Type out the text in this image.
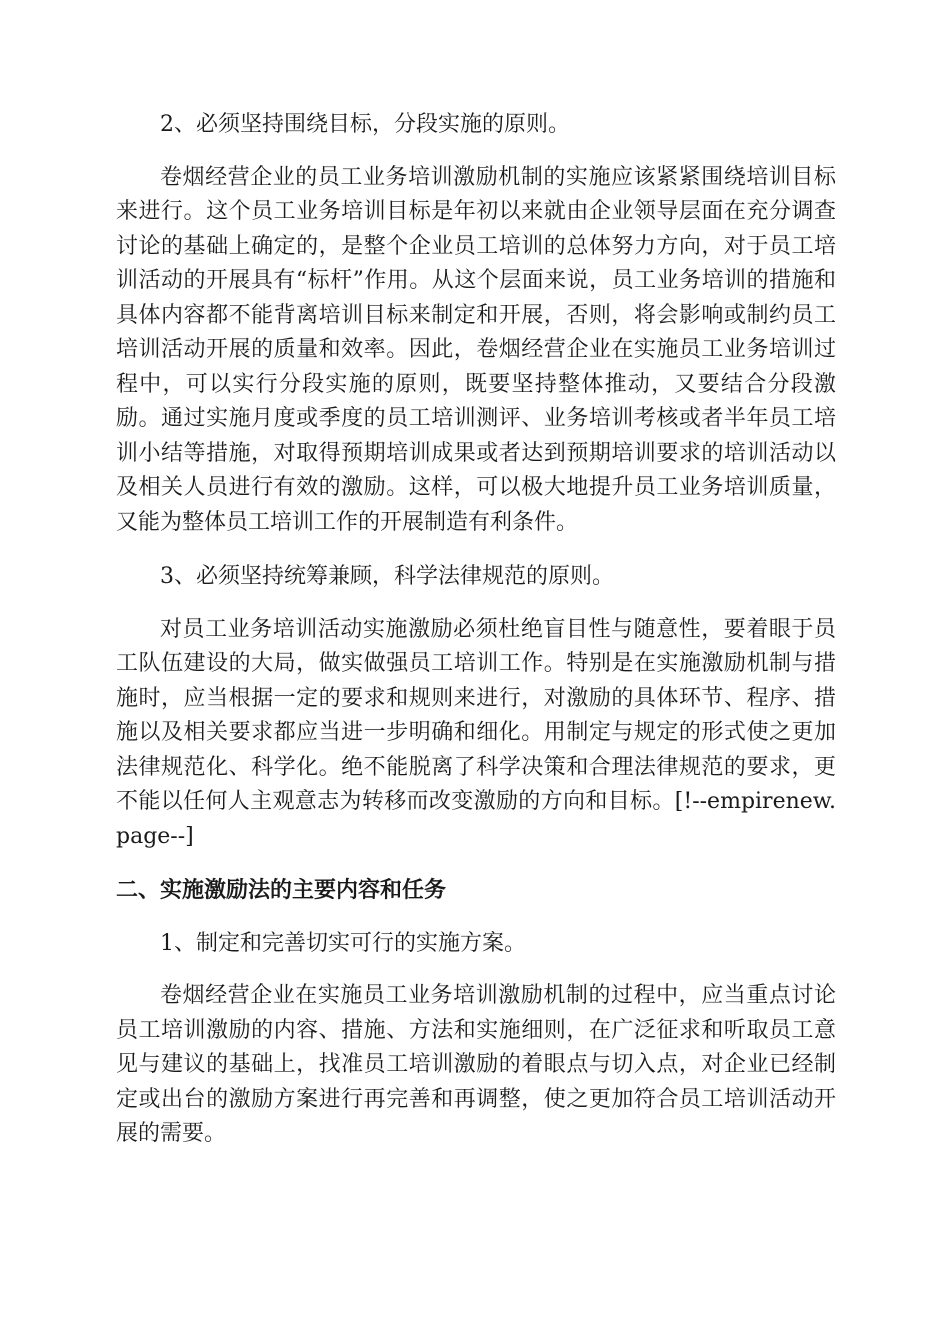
2、必须坚持围绕目标，分段实施的原则。

卷烟经营企业的员工业务培训激励机制的实施应该紧紧围绕培训目标来进行。这个员工业务培训目标是年初以来就由企业领导层面在充分调查讨论的基础上确定的，是整个企业员工培训的总体努力方向，对于员工培训活动的开展具有“标杆”作用。从这个层面来说，员工业务培训的措施和具体内容都不能背离培训目标来制定和开展，否则，将会影响或制约员工培训活动开展的质量和效率。因此，卷烟经营企业在实施员工业务培训过程中，可以实行分段实施的原则，既要坚持整体推动，又要结合分段激励。通过实施月度或季度的员工培训测评、业务培训考核或者半年员工培训小结等措施，对取得预期培训成果或者达到预期培训要求的培训活动以及相关人员进行有效的激励。这样，可以极大地提升员工业务培训质量，又能为整体员工培训工作的开展制造有利条件。

3、必须坚持统筹兼顾，科学法律规范的原则。

对员工业务培训活动实施激励必须杜绝盲目性与随意性，要着眼于员工队伍建设的大局，做实做强员工培训工作。特别是在实施激励机制与措施时，应当根据一定的要求和规则来进行，对激励的具体环节、程序、措施以及相关要求都应当进一步明确和细化。用制定与规定的形式使之更加法律规范化、科学化。绝不能脱离了科学决策和合理法律规范的要求，更不能以任何人主观意志为转移而改变激励的方向和目标。[!--empirenew.page--]

二、实施激励法的主要内容和任务

1、制定和完善切实可行的实施方案。

卷烟经营企业在实施员工业务培训激励机制的过程中，应当重点讨论员工培训激励的内容、措施、方法和实施细则，在广泛征求和听取员工意见与建议的基础上，找准员工培训激励的着眼点与切入点，对企业已经制定或出台的激励方案进行再完善和再调整，使之更加符合员工培训活动开展的需要。
